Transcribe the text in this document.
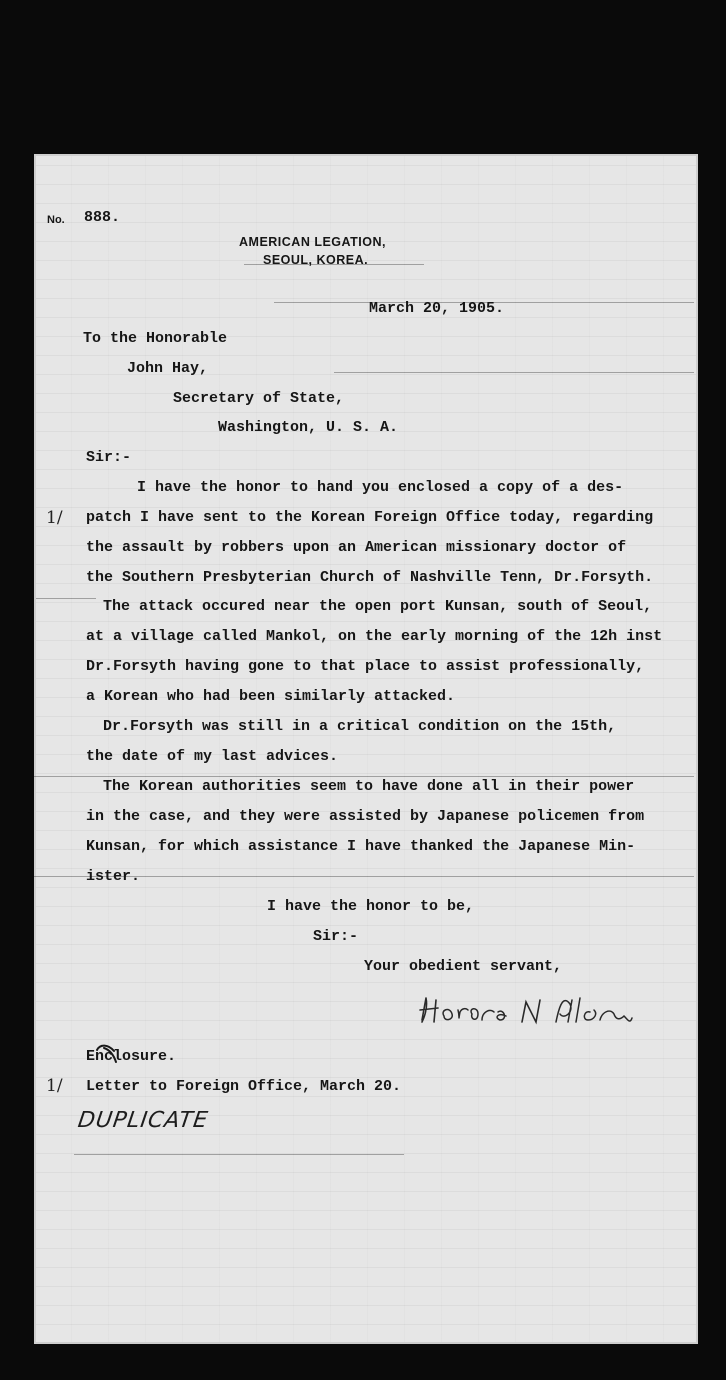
No. 888.
AMERICAN LEGATION,
SEOUL, KOREA.
March 20, 1905.
To the Honorable
John Hay,
Secretary of State,
Washington, U. S. A.
Sir:-
I have the honor to hand you enclosed a copy of a des-
1/ patch I have sent to the Korean Foreign Office today, regarding
the assault by robbers upon an American missionary doctor of
the Southern Presbyterian Church of Nashville Tenn, Dr.Forsyth.
The attack occured near the open port Kunsan, south of Seoul,
at a village called Mankol, on the early morning of the 12h inst
Dr.Forsyth having gone to that place to assist professionally,
a Korean who had been similarly attacked.
Dr.Forsyth was still in a critical condition on the 15th,
the date of my last advices.
The Korean authorities seem to have done all in their power
in the case, and they were assisted by Japanese policemen from
Kunsan, for which assistance I have thanked the Japanese Min-
ister.
I have the honor to be,
Sir:-
Your obedient servant,
Enclosure.
1/ Letter to Foreign Office, March 20.
DUPLICATE
